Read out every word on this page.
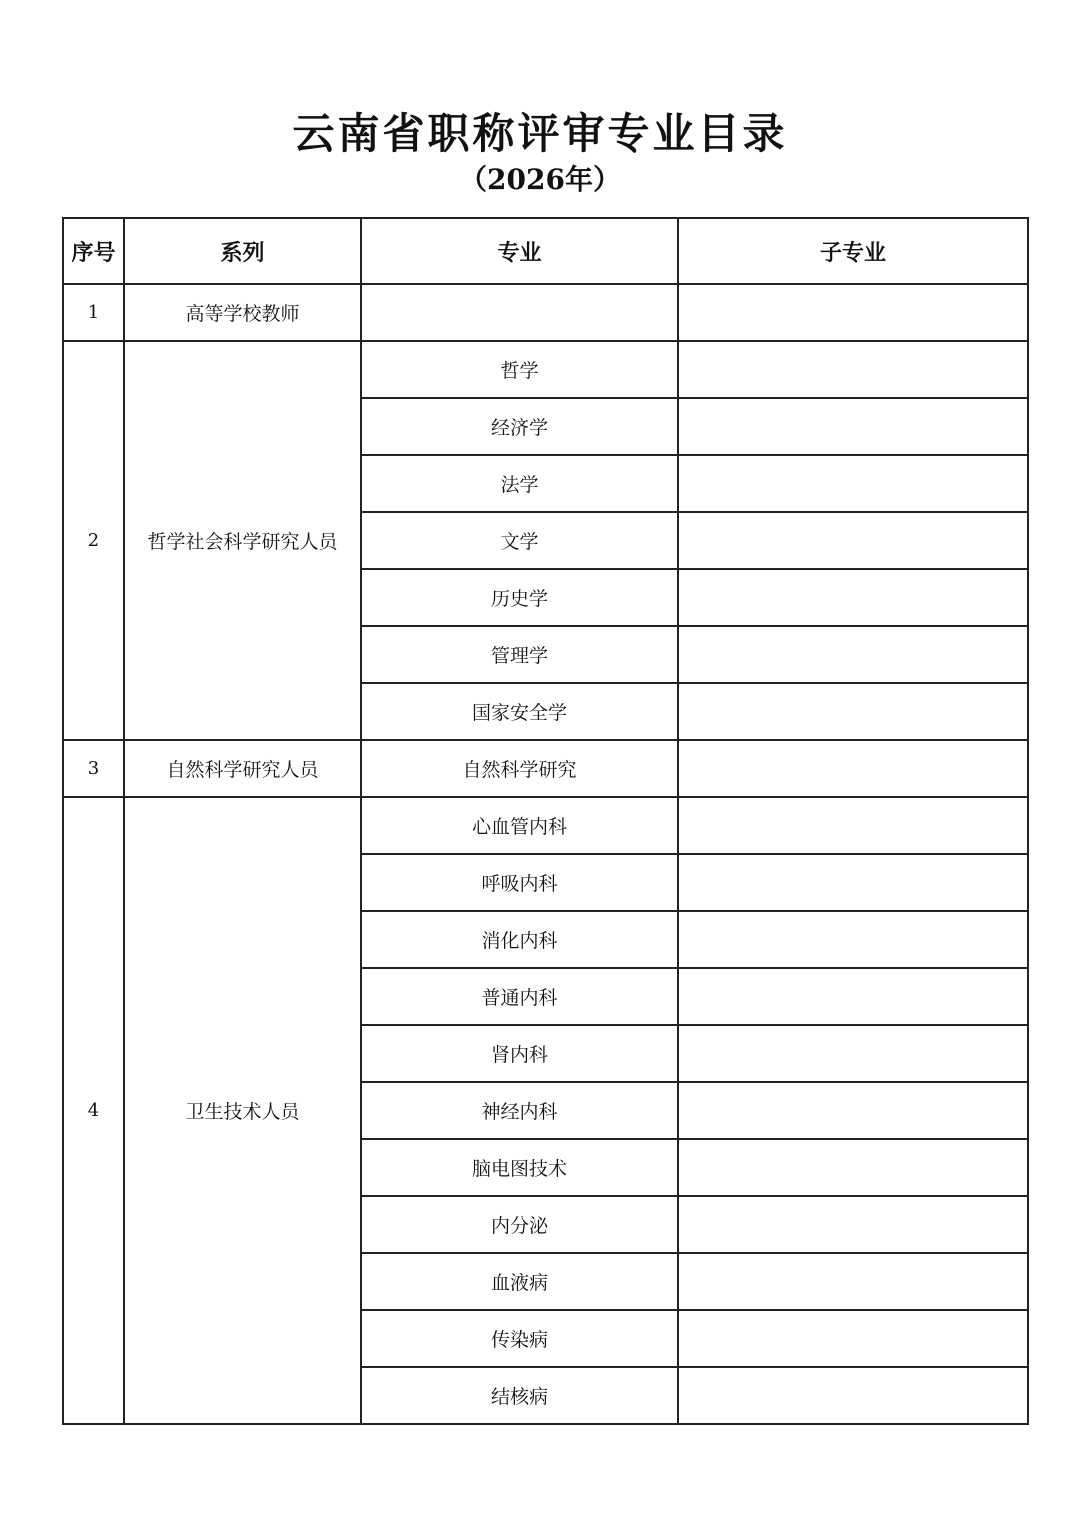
云南省职称评审专业目录
（2026年）
序号	系列	专业	子专业
1	高等学校教师		
2	哲学社会科学研究人员	哲学	
		经济学	
		法学	
		文学	
		历史学	
		管理学	
		国家安全学	
3	自然科学研究人员	自然科学研究	
4	卫生技术人员	心血管内科	
		呼吸内科	
		消化内科	
		普通内科	
		肾内科	
		神经内科	
		脑电图技术	
		内分泌	
		血液病	
		传染病	
		结核病	
